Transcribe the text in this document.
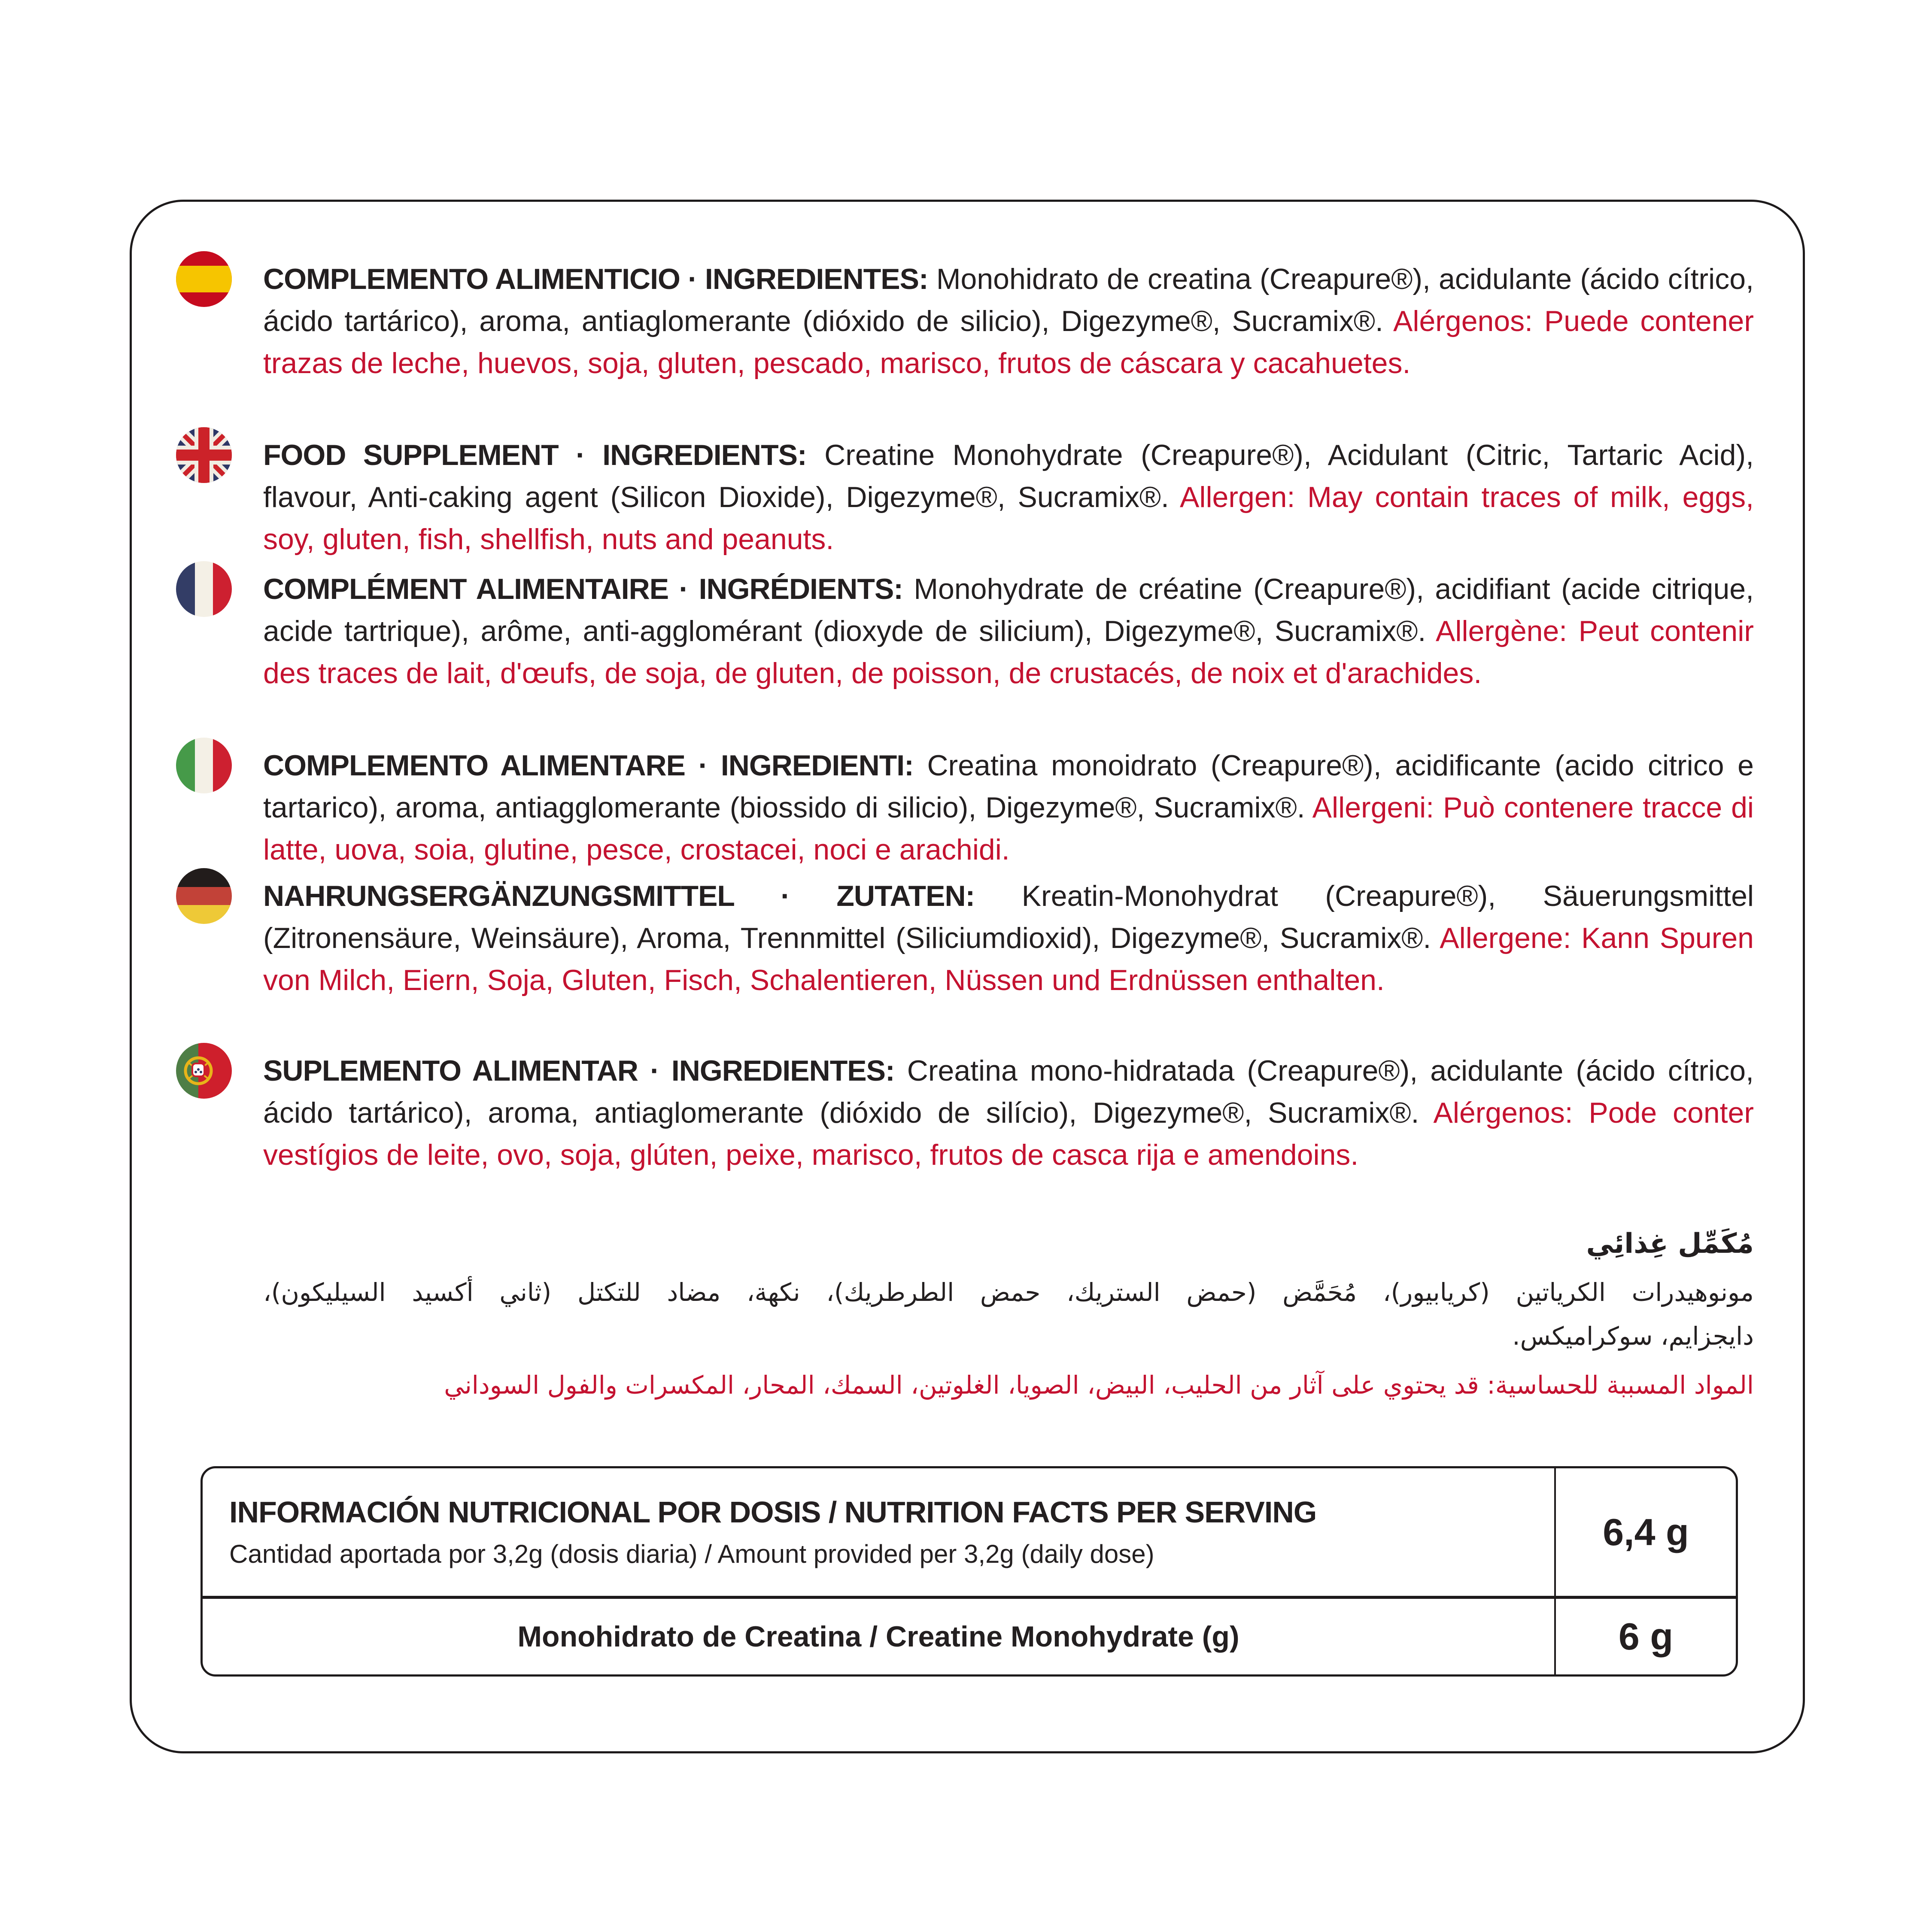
COMPLEMENTO ALIMENTICIO · INGREDIENTES: Monohidrato de creatina (Creapure®), acidulante (ácido cítrico, ácido tartárico), aroma, antiaglomerante (dióxido de silicio), Digezyme®, Sucramix®. Alérgenos: Puede contener trazas de leche, huevos, soja, gluten, pescado, marisco, frutos de cáscara y cacahuetes.

FOOD SUPPLEMENT · INGREDIENTS: Creatine Monohydrate (Creapure®), Acidulant (Citric, Tartaric Acid), flavour, Anti-caking agent (Silicon Dioxide), Digezyme®, Sucramix®. Allergen: May contain traces of milk, eggs, soy, gluten, fish, shellfish, nuts and peanuts.

COMPLÉMENT ALIMENTAIRE · INGRÉDIENTS: Monohydrate de créatine (Creapure®), acidifiant (acide citrique, acide tartrique), arôme, anti-agglomérant (dioxyde de silicium), Digezyme®, Sucramix®. Allergène: Peut contenir des traces de lait, d'œufs, de soja, de gluten, de poisson, de crustacés, de noix et d'arachides.

COMPLEMENTO ALIMENTARE · INGREDIENTI: Creatina monoidrato (Creapure®), acidificante (acido citrico e tartarico), aroma, antiagglomerante (biossido di silicio), Digezyme®, Sucramix®. Allergeni: Può contenere tracce di latte, uova, soia, glutine, pesce, crostacei, noci e arachidi.

NAHRUNGSERGÄNZUNGSMITTEL · ZUTATEN: Kreatin-Monohydrat (Creapure®), Säuerungsmittel (Zitronensäure, Weinsäure), Aroma, Trennmittel (Siliciumdioxid), Digezyme®, Sucramix®. Allergene: Kann Spuren von Milch, Eiern, Soja, Gluten, Fisch, Schalentieren, Nüssen und Erdnüssen enthalten.

SUPLEMENTO ALIMENTAR · INGREDIENTES: Creatina mono-hidratada (Creapure®), acidulante (ácido cítrico, ácido tartárico), aroma, antiaglomerante (dióxido de silício), Digezyme®, Sucramix®. Alérgenos: Pode conter vestígios de leite, ovo, soja, glúten, peixe, marisco, frutos de casca rija e amendoins.

مُكَمِّل غِذائِي

مونوهيدرات الكرياتين (كريابيور)، مُحَمَّض (حمض الستريك، حمض الطرطريك)، نكهة، مضاد للتكتل (ثاني أكسيد السيليكون)،

دايجزايم، سوكراميكس.

المواد المسببة للحساسية: قد يحتوي على آثار من الحليب، البيض، الصويا، الغلوتين، السمك، المحار، المكسرات والفول السوداني

INFORMACIÓN NUTRICIONAL POR DOSIS / NUTRITION FACTS PER SERVING
Cantidad aportada por 3,2g (dosis diaria) / Amount provided per 3,2g (daily dose)
6,4 g
Monohidrato de Creatina / Creatine Monohydrate (g)	6 g
